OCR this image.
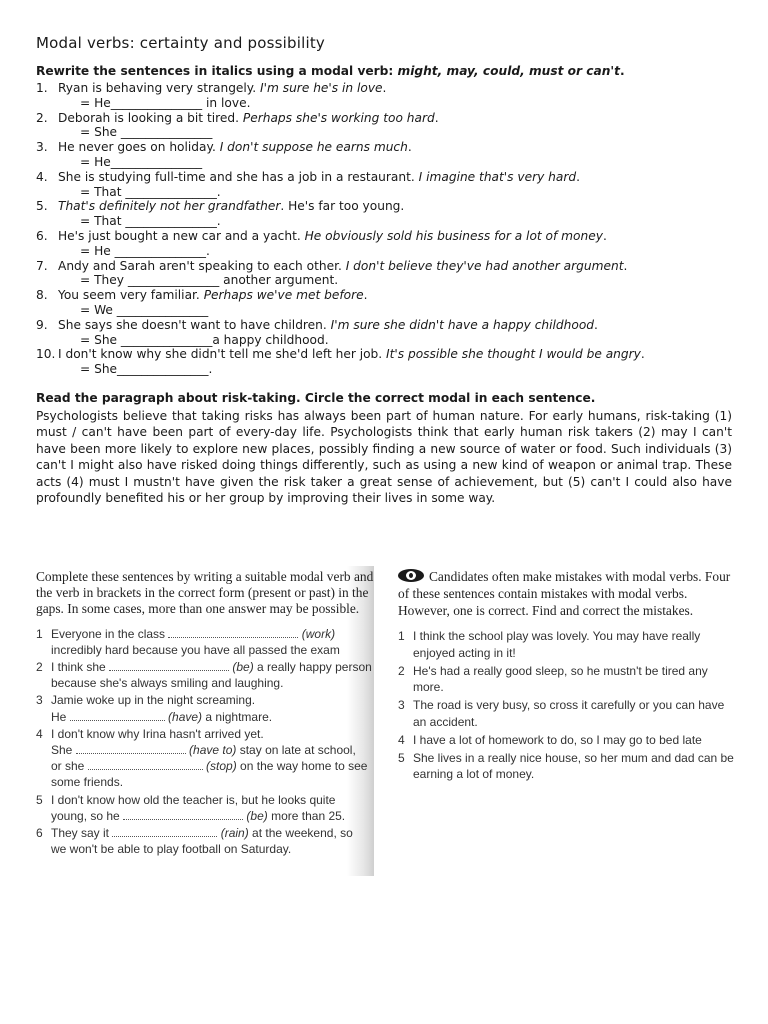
Modal verbs: certainty and possibility

Rewrite the sentences in italics using a modal verb: might, may, could, must or can't.

1. Ryan is behaving very strangely. I'm sure he's in love.
= He_______________ in love.
2. Deborah is looking a bit tired. Perhaps she's working too hard.
= She _______________
3. He never goes on holiday. I don't suppose he earns much.
= He_______________
4. She is studying full-time and she has a job in a restaurant. I imagine that's very hard.
= That _______________.
5. That's definitely not her grandfather. He's far too young.
= That _______________.
6. He's just bought a new car and a yacht. He obviously sold his business for a lot of money.
= He _______________.
7. Andy and Sarah aren't speaking to each other. I don't believe they've had another argument.
= They _______________ another argument.
8. You seem very familiar. Perhaps we've met before.
= We _______________
9. She says she doesn't want to have children. I'm sure she didn't have a happy childhood.
= She _______________a happy childhood.
10. I don't know why she didn't tell me she'd left her job. It's possible she thought I would be angry.
= She_______________.

Read the paragraph about risk-taking. Circle the correct modal in each sentence.

Psychologists believe that taking risks has always been part of human nature. For early humans, risk-taking (1) must / can't have been part of every-day life. Psychologists think that early human risk takers (2) may I can't have been more likely to explore new places, possibly finding a new source of water or food. Such individuals (3) can't I might also have risked doing things differently, such as using a new kind of weapon or animal trap. These acts (4) must I mustn't have given the risk taker a great sense of achievement, but (5) can't I could also have profoundly benefited his or her group by improving their lives in some way.

Complete these sentences by writing a suitable modal verb and the verb in brackets in the correct form (present or past) in the gaps. In some cases, more than one answer may be possible.

1 Everyone in the class	(work)
incredibly hard because you have all passed the exam
2 I think she	(be) a really happy person
because she's always smiling and laughing.
3 Jamie woke up in the night screaming.
He	(have) a nightmare.
4 I don't know why Irina hasn't arrived yet.
She	(have to) stay on late at school,
or she	(stop) on the way home to see
some friends.
5 I don't know how old the teacher is, but he looks quite
young, so he	(be) more than 25.
6 They say it	(rain) at the weekend, so
we won't be able to play football on Saturday.

Candidates often make mistakes with modal verbs. Four of these sentences contain mistakes with modal verbs. However, one is correct. Find and correct the mistakes.

1 I think the school play was lovely. You may have really enjoyed acting in it!
2 He's had a really good sleep, so he mustn't be tired any more.
3 The road is very busy, so cross it carefully or you can have an accident.
4 I have a lot of homework to do, so I may go to bed late
5 She lives in a really nice house, so her mum and dad can be earning a lot of money.
